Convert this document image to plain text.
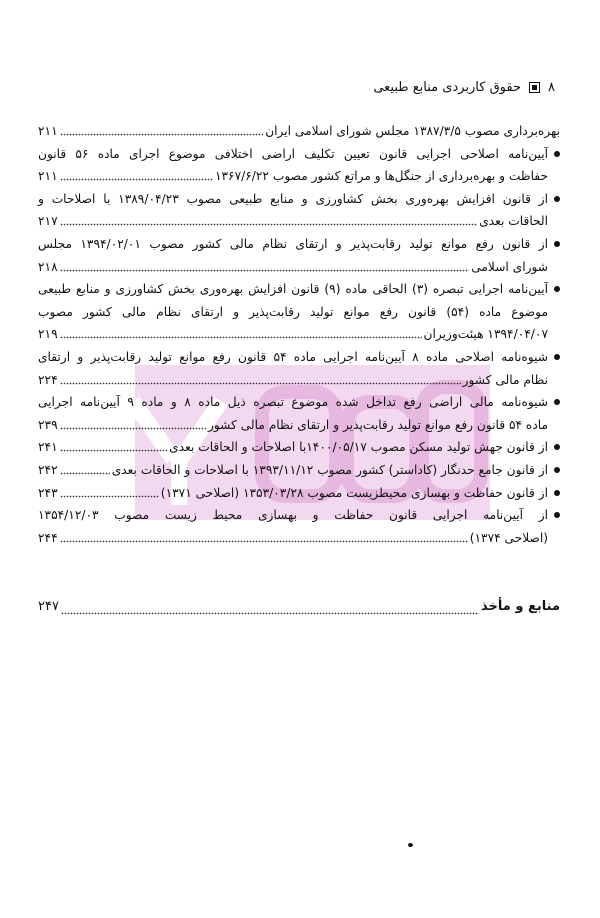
۸
حقوق کاربردی منابع طبیعی
بهره‌برداری مصوب ۱۳۸۷/۳/۵ مجلس شورای اسلامی ایران
۲۱۱
آیین‌نامه اصلاحی اجرایی قانون تعیین تکلیف اراضی اختلافی موضوع اجرای ماده ۵۶ قانون
حفاظت و بهره‌برداری از جنگل‌ها و مراتع کشور مصوب ۱۳۶۷/۶/۲۲
۲۱۱
از قانون افزایش بهره‌وری بخش کشاورزی و منابع طبیعی مصوب ۱۳۸۹/۰۴/۲۳ با اصلاحات و
الحاقات بعدی
۲۱۷
از قانون رفع موانع تولید رقابت‌پذیر و ارتقای نظام مالی کشور مصوب ۱۳۹۴/۰۲/۰۱ مجلس
شورای اسلامی
۲۱۸
آیین‌نامه اجرایی تبصره (۳) الحاقی ماده (۹) قانون افزایش بهره‌وری بخش کشاورزی و منابع طبیعی
موضوع ماده (۵۴) قانون رفع موانع تولید رقابت‌پذیر و ارتقای نظام مالی کشور مصوب
۱۳۹۴/۰۴/۰۷ هیئت‌وزیران
۲۱۹
شیوه‌نامه اصلاحی ماده ۸ آیین‌نامه اجرایی ماده ۵۴ قانون رفع موانع تولید رقابت‌پذیر و ارتقای
نظام مالی کشور
۲۲۴
شیوه‌نامه مالی اراضی رفع تداخل شده موضوع تبصره ذیل ماده ۸ و ماده ۹ آیین‌نامه اجرایی
ماده ۵۴ قانون رفع موانع تولید رقابت‌پذیر و ارتقای نظام مالی کشور
۲۳۹
از قانون جهش تولید مسکن مصوب ۱۴۰۰/۰۵/۱۷با اصلاحات و الحاقات بعدی
۲۴۱
از قانون جامع حدنگار (کاداستر) کشور مصوب ۱۳۹۳/۱۱/۱۲ با اصلاحات و الحاقات بعدی
۲۴۲
از قانون حفاظت و بهسازی محیطزیست مصوب ۱۳۵۳/۰۳/۲۸ (اصلاحی ۱۳۷۱)
۲۴۳
از آیین‌نامه اجرایی قانون حفاظت و بهسازی محیط زیست مصوب ۱۳۵۴/۱۲/۰۳
(اصلاحی ۱۳۷۴)
۲۴۴
منابع و مأخذ
۲۴۷
